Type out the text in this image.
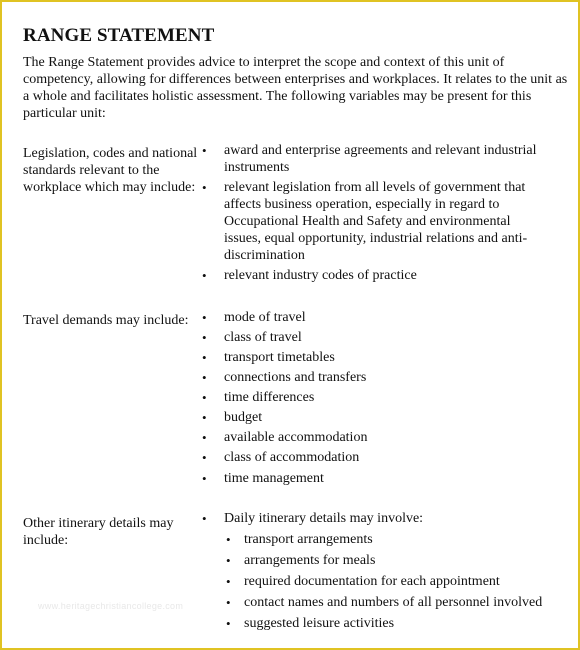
RANGE STATEMENT
The Range Statement provides advice to interpret the scope and context of this unit of competency, allowing for differences between enterprises and workplaces. It relates to the unit as a whole and facilitates holistic assessment. The following variables may be present for this particular unit:
Legislation, codes and national standards relevant to the workplace which may include:
• award and enterprise agreements and relevant industrial instruments
• relevant legislation from all levels of government that affects business operation, especially in regard to Occupational Health and Safety and environmental issues, equal opportunity, industrial relations and anti-discrimination
• relevant industry codes of practice
Travel demands may include:	• mode of travel
• class of travel
• transport timetables
• connections and transfers
• time differences
• budget
• available accommodation
• class of accommodation
• time management
Other itinerary details may include:
• Daily itinerary details may involve:
• transport arrangements
• arrangements for meals
• required documentation for each appointment
• contact names and numbers of all personnel involved
• suggested leisure activities
www.heritagechristiancollege.com
